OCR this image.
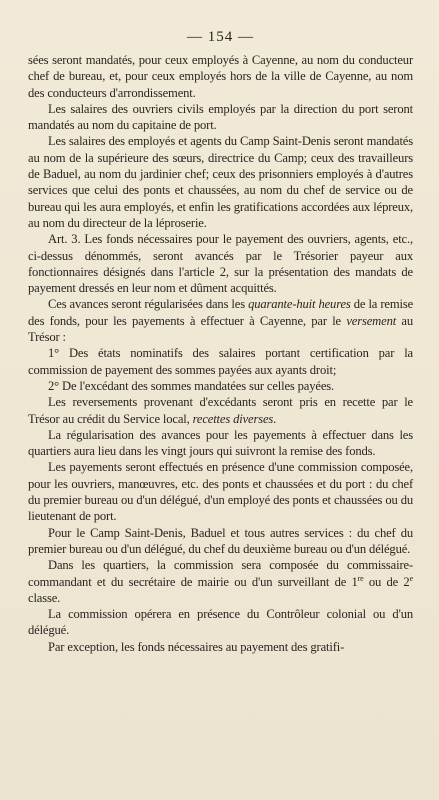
— 154 —

sées seront mandatés, pour ceux employés à Cayenne, au nom du conducteur chef de bureau, et, pour ceux employés hors de la ville de Cayenne, au nom des conducteurs d'arrondissement.

Les salaires des ouvriers civils employés par la direction du port seront mandatés au nom du capitaine de port.

Les salaires des employés et agents du Camp Saint-Denis seront mandatés au nom de la supérieure des sœurs, directrice du Camp; ceux des travailleurs de Baduel, au nom du jardinier chef; ceux des prisonniers employés à d'autres services que celui des ponts et chaussées, au nom du chef de service ou de bureau qui les aura employés, et enfin les gratifications accordées aux lépreux, au nom du directeur de la léproserie.

Art. 3. Les fonds nécessaires pour le payement des ouvriers, agents, etc., ci-dessus dénommés, seront avancés par le Trésorier payeur aux fonctionnaires désignés dans l'article 2, sur la présentation des mandats de payement dressés en leur nom et dûment acquittés.

Ces avances seront régularisées dans les quarante-huit heures de la remise des fonds, pour les payements à effectuer à Cayenne, par le versement au Trésor :

1° Des états nominatifs des salaires portant certification par la commission de payement des sommes payées aux ayants droit;

2° De l'excédant des sommes mandatées sur celles payées.

Les reversements provenant d'excédants seront pris en recette par le Trésor au crédit du Service local, recettes diverses.

La régularisation des avances pour les payements à effectuer dans les quartiers aura lieu dans les vingt jours qui suivront la remise des fonds.

Les payements seront effectués en présence d'une commission composée, pour les ouvriers, manœuvres, etc. des ponts et chaussées et du port : du chef du premier bureau ou d'un délégué, d'un employé des ponts et chaussées ou du lieutenant de port.

Pour le Camp Saint-Denis, Baduel et tous autres services : du chef du premier bureau ou d'un délégué, du chef du deuxième bureau ou d'un délégué.

Dans les quartiers, la commission sera composée du commissaire-commandant et du secrétaire de mairie ou d'un surveillant de 1re ou de 2e classe.

La commission opérera en présence du Contrôleur colonial ou d'un délégué.

Par exception, les fonds nécessaires au payement des gratifi-
